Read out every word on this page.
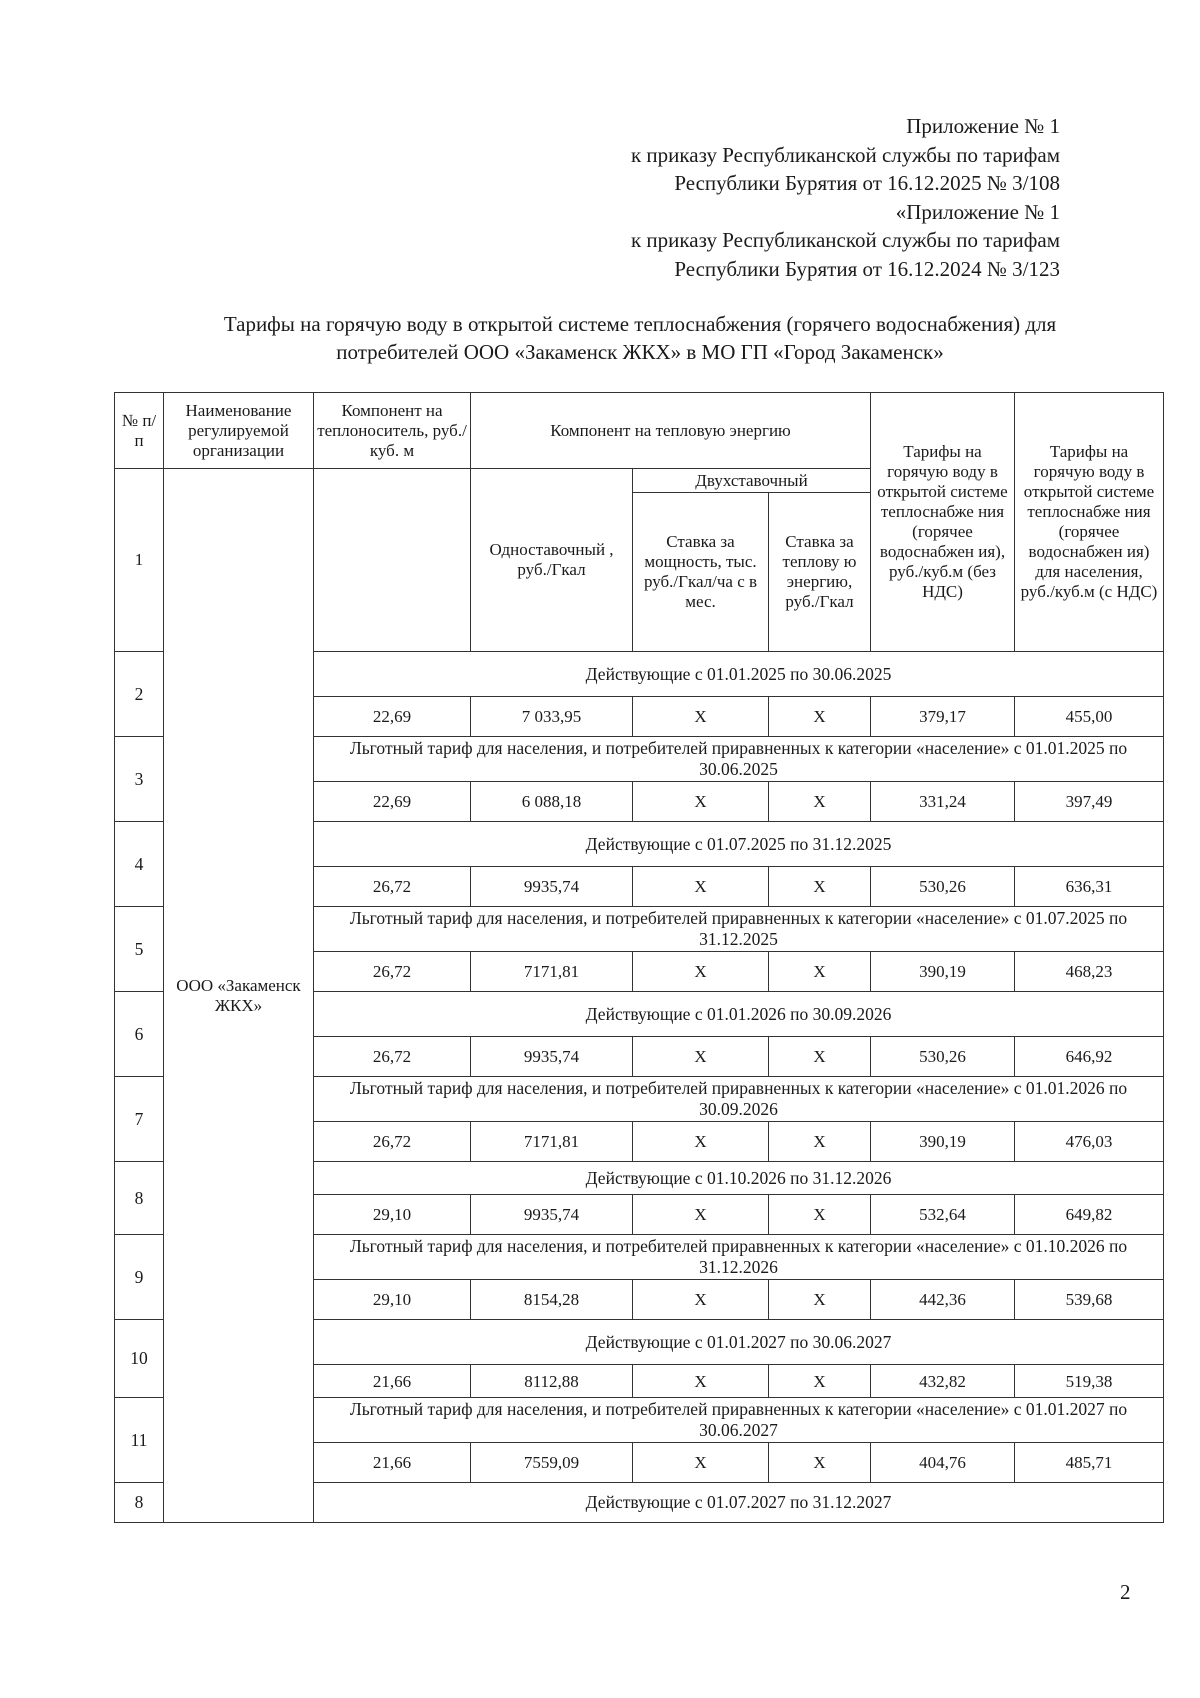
Приложение № 1
к приказу Республиканской службы по тарифам
Республики Бурятия от 16.12.2025 № 3/108
«Приложение № 1
к приказу Республиканской службы по тарифам
Республики Бурятия от 16.12.2024 № 3/123
Тарифы на горячую воду в открытой системе теплоснабжения (горячего водоснабжения) для
потребителей ООО «Закаменск ЖКХ» в МО ГП «Город Закаменск»
№ п/ п	Наименование регулируемой организации	Компонент на теплоноситель, руб./куб. м	Компонент на тепловую энергию			Тарифы на горячую воду в открытой системе теплоснабже ния (горячее водоснабжен ия), руб./куб.м (без НДС)	Тарифы на горячую воду в открытой системе теплоснабже ния (горячее водоснабжен ия) для населения, руб./куб.м (с НДС)
1	ООО «Закаменск ЖКХ»		Одноставочный , руб./Гкал	Двухставочный			
				Ставка за мощность, тыс. руб./Гкал/ча с в мес.	Ставка за теплову ю энергию, руб./Гкал		
2		Действующие с 01.01.2025 по 30.06.2025					
		22,69	7 033,95	Х	Х	379,17	455,00
3		Льготный тариф для населения, и потребителей приравненных к категории «население» с 01.01.2025 по 30.06.2025					
		22,69	6 088,18	Х	Х	331,24	397,49
4		Действующие с 01.07.2025 по 31.12.2025					
		26,72	9935,74	Х	Х	530,26	636,31
5		Льготный тариф для населения, и потребителей приравненных к категории «население» с 01.07.2025 по 31.12.2025					
		26,72	7171,81	Х	Х	390,19	468,23
6		Действующие с 01.01.2026 по 30.09.2026					
		26,72	9935,74	Х	Х	530,26	646,92
7		Льготный тариф для населения, и потребителей приравненных к категории «население» с 01.01.2026 по 30.09.2026					
		26,72	7171,81	Х	Х	390,19	476,03
8		Действующие с 01.10.2026 по 31.12.2026					
		29,10	9935,74	Х	Х	532,64	649,82
9		Льготный тариф для населения, и потребителей приравненных к категории «население» с 01.10.2026 по 31.12.2026					
		29,10	8154,28	Х	Х	442,36	539,68
10		Действующие с 01.01.2027 по 30.06.2027					
		21,66	8112,88	Х	Х	432,82	519,38
11		Льготный тариф для населения, и потребителей приравненных к категории «население» с 01.01.2027 по 30.06.2027					
		21,66	7559,09	Х	Х	404,76	485,71
8		Действующие с 01.07.2027 по 31.12.2027					
2
